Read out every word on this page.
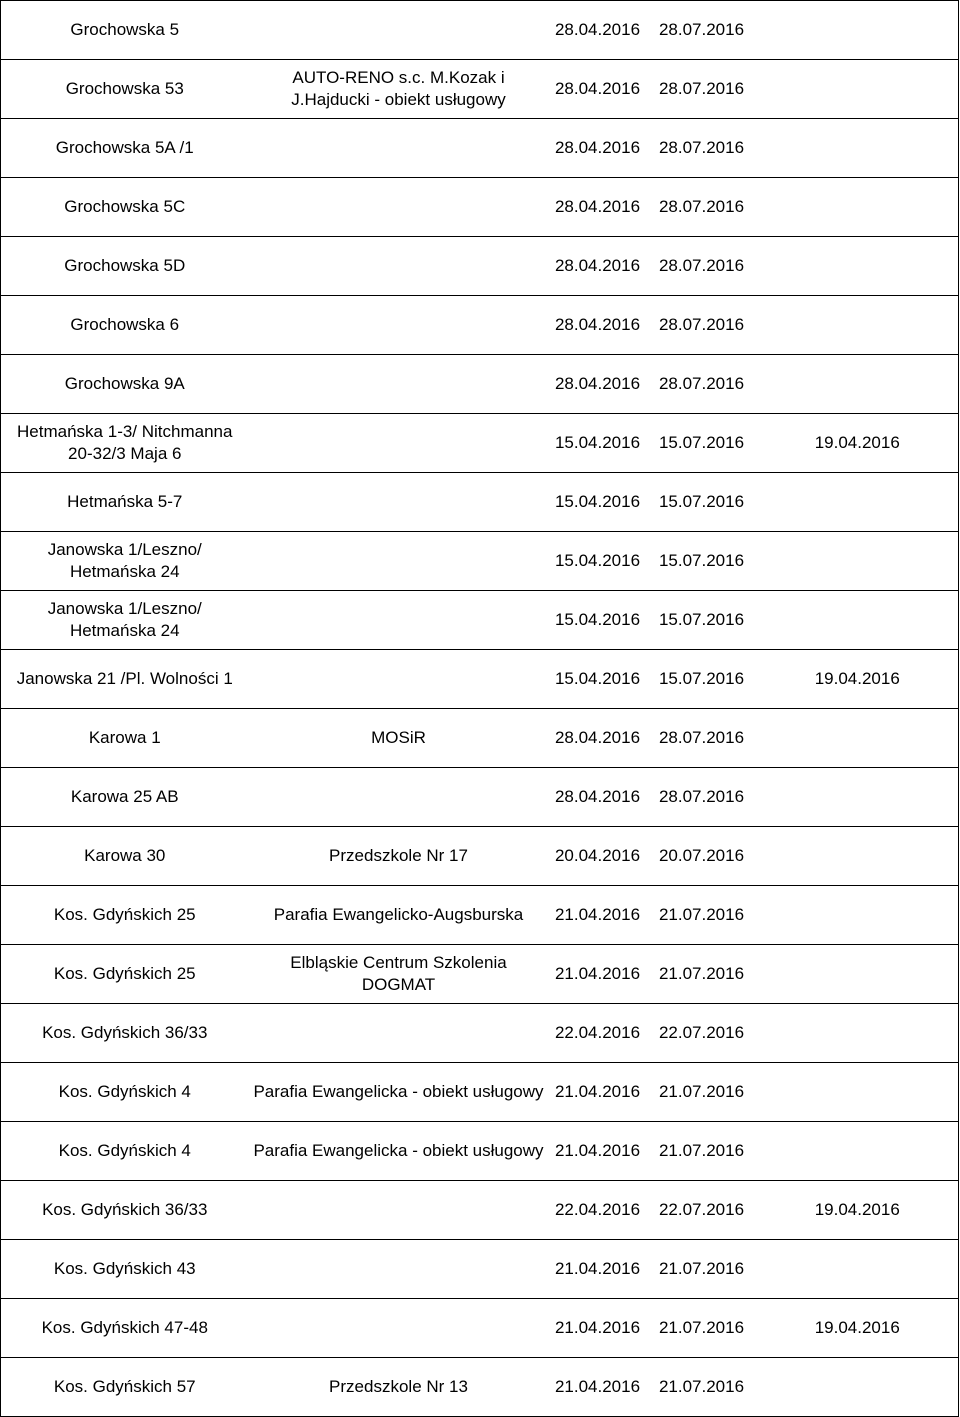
Grochowska 5		28.04.2016	28.07.2016	
Grochowska 53	AUTO-RENO s.c. M.Kozak i J.Hajducki - obiekt usługowy	28.04.2016	28.07.2016	
Grochowska 5A /1		28.04.2016	28.07.2016	
Grochowska 5C		28.04.2016	28.07.2016	
Grochowska 5D		28.04.2016	28.07.2016	
Grochowska 6		28.04.2016	28.07.2016	
Grochowska 9A		28.04.2016	28.07.2016	
Hetmańska 1-3/ Nitchmanna 20-32/3 Maja 6		15.04.2016	15.07.2016	19.04.2016
Hetmańska 5-7		15.04.2016	15.07.2016	
Janowska 1/Leszno/ Hetmańska 24		15.04.2016	15.07.2016	
Janowska 1/Leszno/ Hetmańska 24		15.04.2016	15.07.2016	
Janowska 21 /Pl. Wolności 1		15.04.2016	15.07.2016	19.04.2016
Karowa 1	MOSiR	28.04.2016	28.07.2016	
Karowa 25 AB		28.04.2016	28.07.2016	
Karowa 30	Przedszkole Nr 17	20.04.2016	20.07.2016	
Kos. Gdyńskich 25	Parafia Ewangelicko-Augsburska	21.04.2016	21.07.2016	
Kos. Gdyńskich 25	Elbląskie Centrum Szkolenia DOGMAT	21.04.2016	21.07.2016	
Kos. Gdyńskich 36/33		22.04.2016	22.07.2016	
Kos. Gdyńskich 4	Parafia Ewangelicka - obiekt usługowy	21.04.2016	21.07.2016	
Kos. Gdyńskich 4	Parafia Ewangelicka - obiekt usługowy	21.04.2016	21.07.2016	
Kos. Gdyńskich 36/33		22.04.2016	22.07.2016	19.04.2016
Kos. Gdyńskich 43		21.04.2016	21.07.2016	
Kos. Gdyńskich 47-48		21.04.2016	21.07.2016	19.04.2016
Kos. Gdyńskich 57	Przedszkole Nr 13	21.04.2016	21.07.2016	
